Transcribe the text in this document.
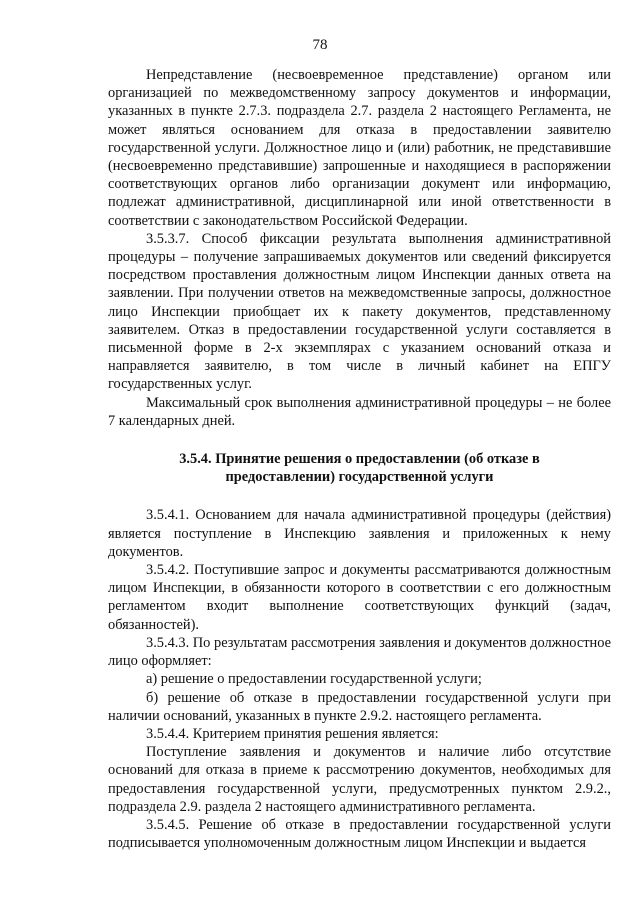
78

Непредставление (несвоевременное представление) органом или организацией по межведомственному запросу документов и информации, указанных в пункте 2.7.3. подраздела 2.7. раздела 2 настоящего Регламента, не может являться основанием для отказа в предоставлении заявителю государственной услуги. Должностное лицо и (или) работник, не представившие (несвоевременно представившие) запрошенные и находящиеся в распоряжении соответствующих органов либо организации документ или информацию, подлежат административной, дисциплинарной или иной ответственности в соответствии с законодательством Российской Федерации.

3.5.3.7. Способ фиксации результата выполнения административной процедуры – получение запрашиваемых документов или сведений фиксируется посредством проставления должностным лицом Инспекции данных ответа на заявлении. При получении ответов на межведомственные запросы, должностное лицо Инспекции приобщает их к пакету документов, представленному заявителем. Отказ в предоставлении государственной услуги составляется в письменной форме в 2-х экземплярах с указанием оснований отказа и направляется заявителю, в том числе в личный кабинет на ЕПГУ государственных услуг.

Максимальный срок выполнения административной процедуры – не более 7 календарных дней.

3.5.4. Принятие решения о предоставлении (об отказе в предоставлении) государственной услуги

3.5.4.1. Основанием для начала административной процедуры (действия) является поступление в Инспекцию заявления и приложенных к нему документов.

3.5.4.2. Поступившие запрос и документы рассматриваются должностным лицом Инспекции, в обязанности которого в соответствии с его должностным регламентом входит выполнение соответствующих функций (задач, обязанностей).

3.5.4.3. По результатам рассмотрения заявления и документов должностное лицо оформляет:

а) решение о предоставлении государственной услуги;

б) решение об отказе в предоставлении государственной услуги при наличии оснований, указанных в пункте 2.9.2. настоящего регламента.

3.5.4.4. Критерием принятия решения является:

Поступление заявления и документов и наличие либо отсутствие оснований для отказа в приеме к рассмотрению документов, необходимых для предоставления государственной услуги, предусмотренных пунктом 2.9.2., подраздела 2.9. раздела 2 настоящего административного регламента.

3.5.4.5. Решение об отказе в предоставлении государственной услуги подписывается уполномоченным должностным лицом Инспекции и выдается
